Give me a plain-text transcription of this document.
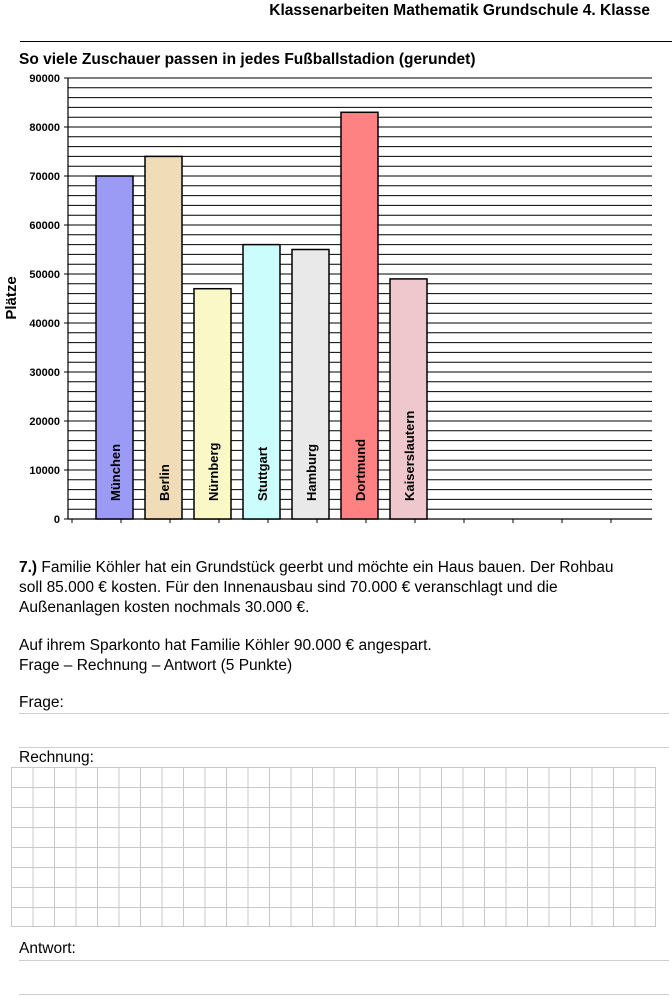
Klassenarbeiten Mathematik Grundschule 4. Klasse
So viele Zuschauer passen in jedes Fußballstadion (gerundet)
0
10000
20000
30000
40000
50000
60000
70000
80000
90000
München	Berlin	Nürnberg	Stuttgart	Hamburg	Dortmund	Kaiserslautern
Plätze
7.) Familie Köhler hat ein Grundstück geerbt und möchte ein Haus bauen. Der Rohbau
soll 85.000 € kosten. Für den Innenausbau sind 70.000 € veranschlagt und die
Außenanlagen kosten nochmals 30.000 €.
Auf ihrem Sparkonto hat Familie Köhler 90.000 € angespart.
Frage – Rechnung – Antwort (5 Punkte)
Frage:
Rechnung:
Antwort:
